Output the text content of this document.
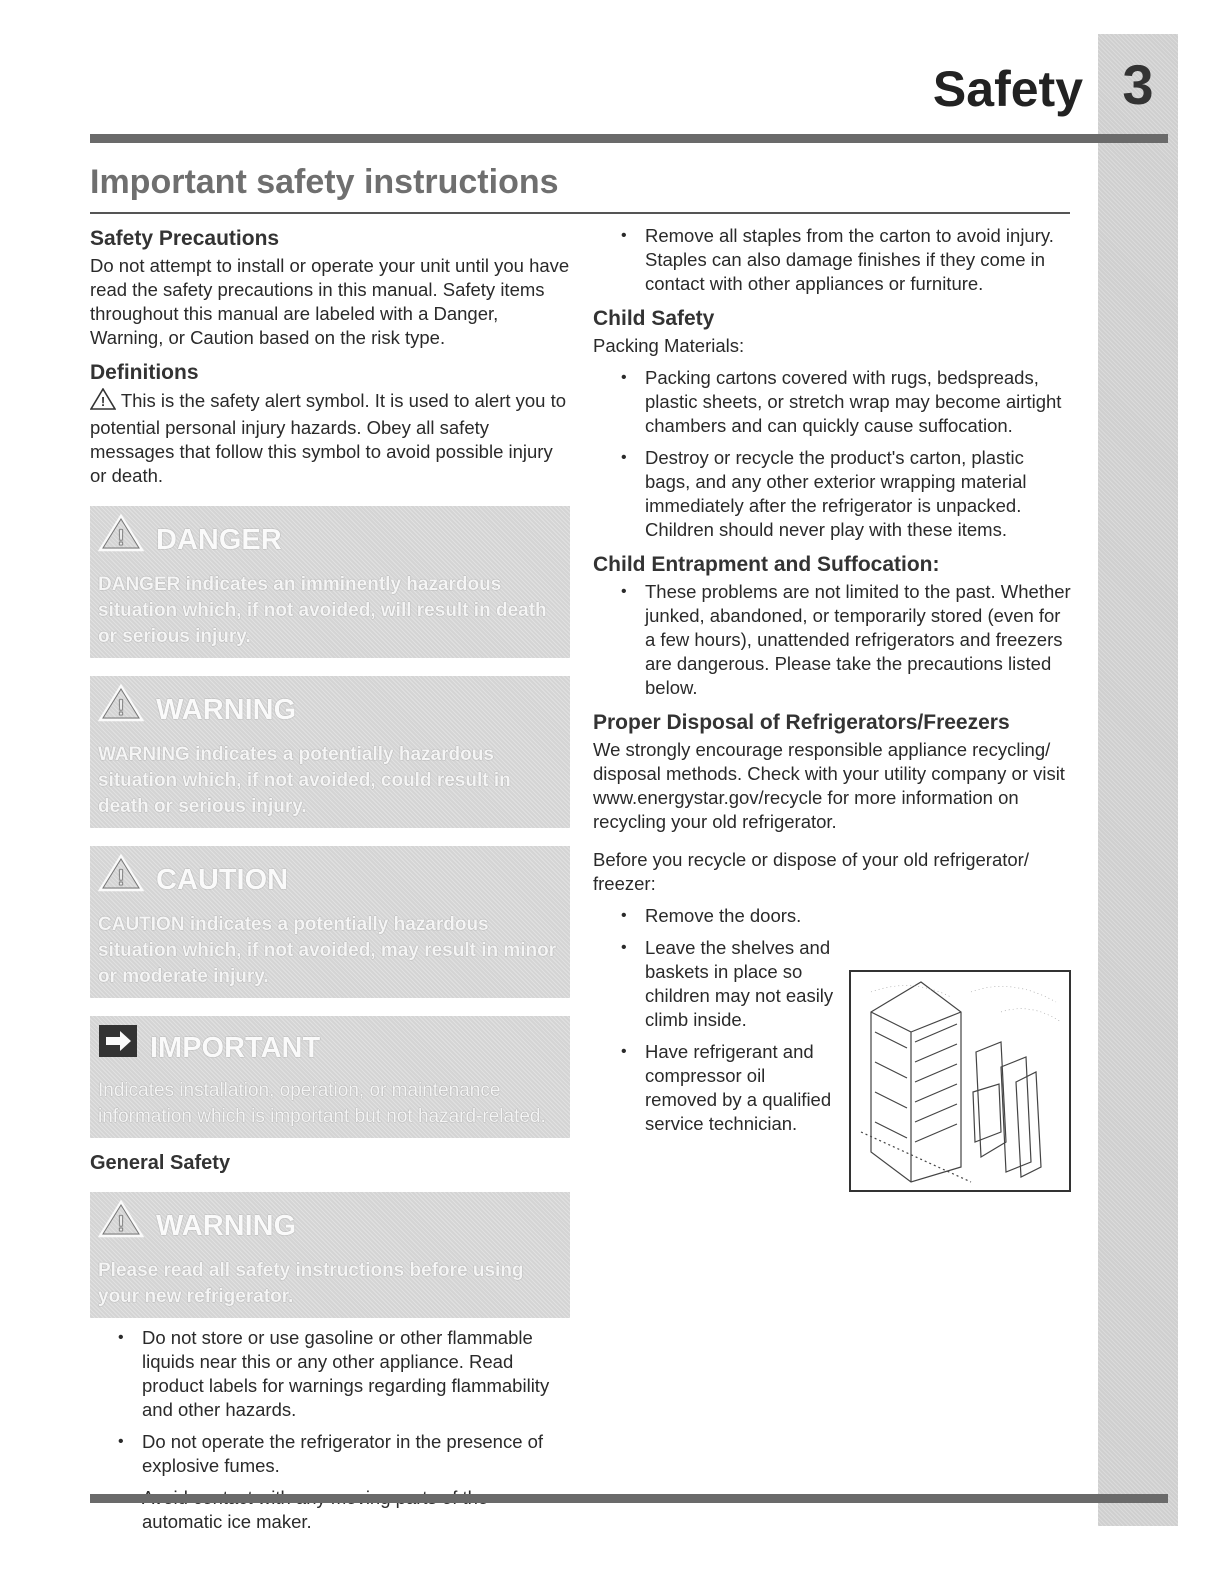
3
Safety
Important safety instructions
Safety Precautions

Do not attempt to install or operate your unit until you have read the safety precautions in this manual. Safety items throughout this manual are labeled with a Danger, Warning, or Caution based on the risk type.

Definitions

! This is the safety alert symbol. It is used to alert you to potential personal injury hazards. Obey all safety messages that follow this symbol to avoid possible injury or death.

! DANGER
DANGER indicates an imminently hazardous situation which, if not avoided, will result in death or serious injury.
! WARNING
WARNING indicates a potentially hazardous situation which, if not avoided, could result in death or serious injury.
! CAUTION
CAUTION indicates a potentially hazardous situation which, if not avoided, may result in minor or moderate injury.
IMPORTANT
Indicates installation, operation, or maintenance information which is important but not hazard-related.
General Safety
! WARNING
Please read all safety instructions before using your new refrigerator.
• Do not store or use gasoline or other flammable liquids near this or any other appliance. Read product labels for warnings regarding flammability and other hazards.
• Do not operate the refrigerator in the presence of explosive fumes.
• automatic ice maker.
• Remove all staples from the carton to avoid injury. Staples can also damage finishes if they come in contact with other appliances or furniture.
Child Safety

Packing Materials:

• Packing cartons covered with rugs, bedspreads, plastic sheets, or stretch wrap may become airtight chambers and can quickly cause suffocation.
• Destroy or recycle the product's carton, plastic bags, and any other exterior wrapping material immediately after the refrigerator is unpacked. Children should never play with these items.
Child Entrapment and Suffocation:
• These problems are not limited to the past. Whether junked, abandoned, or temporarily stored (even for a few hours), unattended refrigerators and freezers are dangerous. Please take the precautions listed below.
Proper Disposal of Refrigerators/Freezers

We strongly encourage responsible appliance recycling/ disposal methods. Check with your utility company or visit www.energystar.gov/recycle for more information on recycling your old refrigerator.

Before you recycle or dispose of your old refrigerator/ freezer:

• Remove the doors.
• Leave the shelves and baskets in place so children may not easily climb inside.
• Have refrigerant and compressor oil removed by a qualified service technician.
